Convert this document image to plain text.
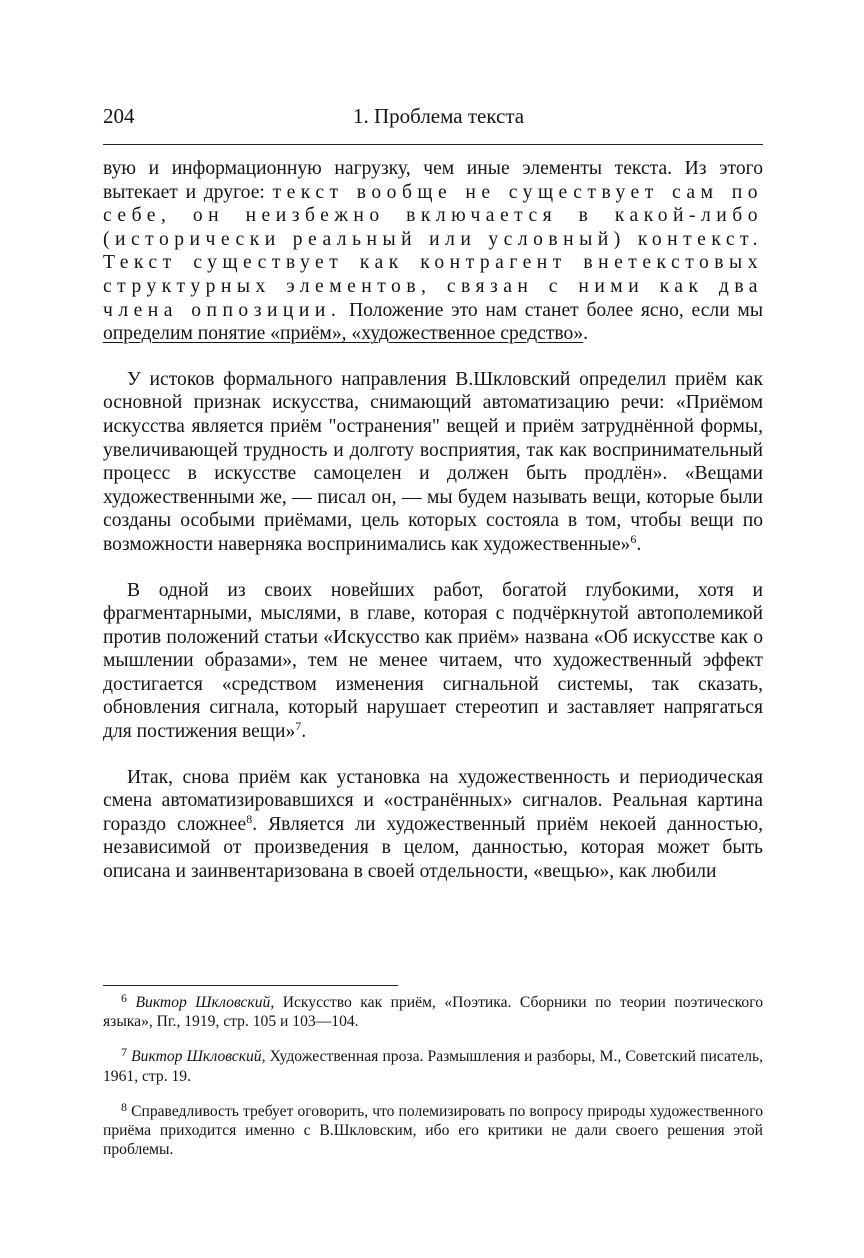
204	1. Проблема текста

вую и информационную нагрузку, чем иные элементы текста. Из этого вытекает и другое: текст вообще не существует сам по себе, он неизбежно включается в какой-либо (исторически реальный или условный) контекст. Текст существует как контрагент внетекстовых структурных элементов, связан с ними как два члена оппозиции. Положение это нам станет более ясно, если мы определим понятие «приём», «художественное средство».

У истоков формального направления В.Шкловский определил приём как основной признак искусства, снимающий автоматизацию речи: «Приёмом искусства является приём "остранения" вещей и приём затруднённой формы, увеличивающей трудность и долготу восприятия, так как воспринимательный процесс в искусстве самоцелен и должен быть продлён». «Вещами художественными же, — писал он, — мы будем называть вещи, которые были созданы особыми приёмами, цель которых состояла в том, чтобы вещи по возможности наверняка воспринимались как художественные»$^6$.

В одной из своих новейших работ, богатой глубокими, хотя и фрагментарными, мыслями, в главе, которая с подчёркнутой автополемикой против положений статьи «Искусство как приём» названа «Об искусстве как о мышлении образами», тем не менее читаем, что художественный эффект достигается «средством изменения сигнальной системы, так сказать, обновления сигнала, который нарушает стереотип и заставляет напрягаться для постижения вещи»$^7$.

Итак, снова приём как установка на художественность и периодическая смена автоматизировавшихся и «остранённых» сигналов. Реальная картина гораздо сложнее$^8$. Является ли художественный приём некоей данностью, независимой от произведения в целом, данностью, которая может быть описана и заинвентаризована в своей отдельности, «вещью», как любили

$^6$ Виктор Шкловский, Искусство как приём, «Поэтика. Сборники по теории поэтического языка», Пг., 1919, стр. 105 и 103—104.

$^7$ Виктор Шкловский, Художественная проза. Размышления и разборы, М., Советский писатель, 1961, стр. 19.

$^8$ Справедливость требует оговорить, что полемизировать по вопросу природы художественного приёма приходится именно с В.Шкловским, ибо его критики не дали своего решения этой проблемы.
